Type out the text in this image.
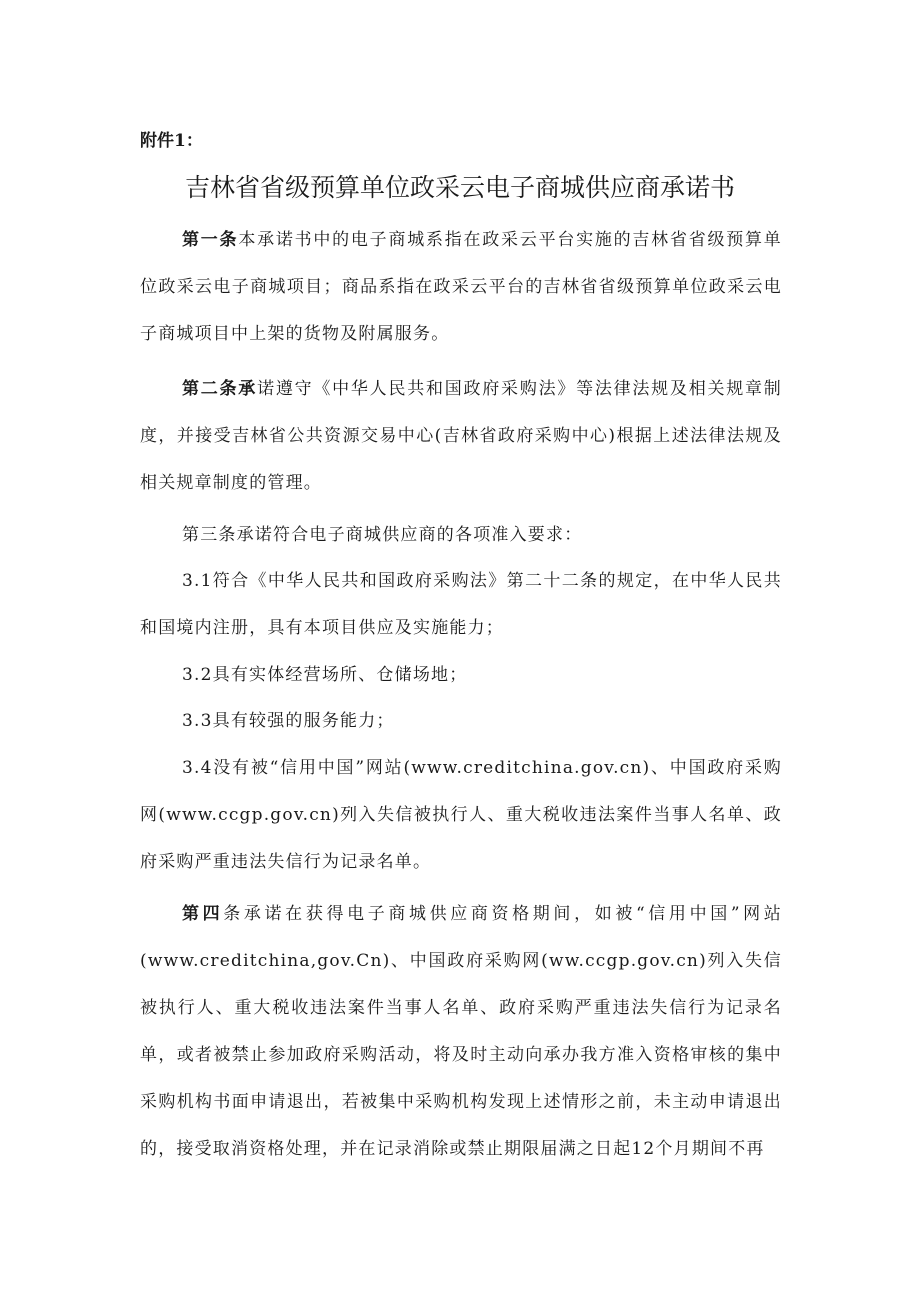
附件1：
吉林省省级预算单位政采云电子商城供应商承诺书

第一条本承诺书中的电子商城系指在政采云平台实施的吉林省省级预算单位政采云电子商城项目；商品系指在政采云平台的吉林省省级预算单位政采云电子商城项目中上架的货物及附属服务。

第二条承诺遵守《中华人民共和国政府采购法》等法律法规及相关规章制度，并接受吉林省公共资源交易中心(吉林省政府采购中心)根据上述法律法规及相关规章制度的管理。

第三条承诺符合电子商城供应商的各项准入要求：

3.1符合《中华人民共和国政府采购法》第二十二条的规定，在中华人民共和国境内注册，具有本项目供应及实施能力；

3.2具有实体经营场所、仓储场地；

3.3具有较强的服务能力；

3.4没有被“信用中国”网站(www.creditchina.gov.cn)、中国政府采购网(www.ccgp.gov.cn)列入失信被执行人、重大税收违法案件当事人名单、政府采购严重违法失信行为记录名单。

第四条承诺在获得电子商城供应商资格期间，如被“信用中国”网站(www.creditchina,gov.Cn)、中国政府采购网(ww.ccgp.gov.cn)列入失信被执行人、重大税收违法案件当事人名单、政府采购严重违法失信行为记录名单，或者被禁止参加政府采购活动，将及时主动向承办我方准入资格审核的集中采购机构书面申请退出，若被集中采购机构发现上述情形之前，未主动申请退出的，接受取消资格处理，并在记录消除或禁止期限届满之日起12个月期间不再
